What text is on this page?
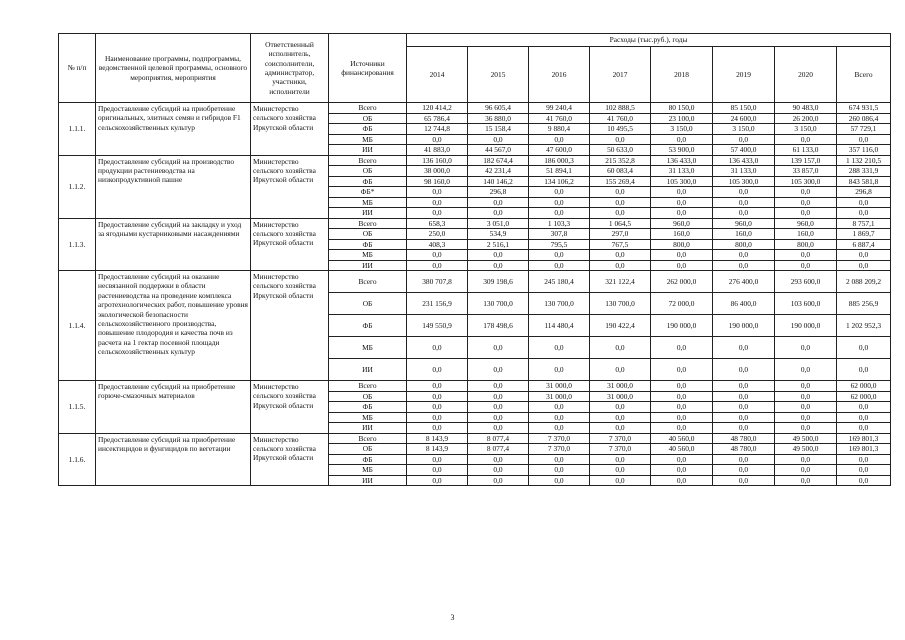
№ п/п	Наименование программы, подпрограммы, ведомственной целевой программы, основного мероприятия, мероприятия	Ответственный исполнитель, соисполнители, администратор, участники, исполнители	Источники финансирования	Расходы (тыс.руб.), годы							
				2014	2015	2016	2017	2018	2019	2020	Всего
1.1.1.	Предоставление субсидий на приобретение оригинальных, элитных семян и гибридов F1 сельскохозяйственных культур	Министерство сельского хозяйства Иркутской области	Всего	120 414,2	96 605,4	99 240,4	102 888,5	80 150,0	85 150,0	90 483,0	674 931,5
			ОБ	65 786,4	36 880,0	41 760,0	41 760,0	23 100,0	24 600,0	26 200,0	260 086,4
			ФБ	12 744,8	15 158,4	9 880,4	10 495,5	3 150,0	3 150,0	3 150,0	57 729,1
			МБ	0,0	0,0	0,0	0,0	0,0	0,0	0,0	0,0
			ИИ	41 883,0	44 567,0	47 600,0	50 633,0	53 900,0	57 400,0	61 133,0	357 116,0
1.1.2.	Предоставление субсидий на производство продукции растениеводства на низкопродуктивной пашне	Министерство сельского хозяйства Иркутской области	Всего	136 160,0	182 674,4	186 000,3	215 352,8	136 433,0	136 433,0	139 157,0	1 132 210,5
			ОБ	38 000,0	42 231,4	51 894,1	60 083,4	31 133,0	31 133,0	33 857,0	288 331,9
			ФБ	98 160,0	140 146,2	134 106,2	155 269,4	105 300,0	105 300,0	105 300,0	843 581,8
			ФБ*	0,0	296,8	0,0	0,0	0,0	0,0	0,0	296,8
			МБ	0,0	0,0	0,0	0,0	0,0	0,0	0,0	0,0
			ИИ	0,0	0,0	0,0	0,0	0,0	0,0	0,0	0,0
1.1.3.	Предоставление субсидий на закладку и уход за ягодными кустарниковыми насаждениями	Министерство сельского хозяйства Иркутской области	Всего	658,3	3 051,0	1 103,3	1 064,5	960,0	960,0	960,0	8 757,1
			ОБ	250,0	534,9	307,8	297,0	160,0	160,0	160,0	1 869,7
			ФБ	408,3	2 516,1	795,5	767,5	800,0	800,0	800,0	6 887,4
			МБ	0,0	0,0	0,0	0,0	0,0	0,0	0,0	0,0
			ИИ	0,0	0,0	0,0	0,0	0,0	0,0	0,0	0,0
1.1.4.	Предоставление субсидий на оказание несвязанной поддержки в области растениеводства на проведение комплекса агротехнологических работ, повышение уровня экологической безопасности сельскохозяйственного производства, повышение плодородия и качества почв из расчета на 1 гектар посевной площади сельскохозяйственных культур	Министерство сельского хозяйства Иркутской области	Всего	380 707,8	309 198,6	245 180,4	321 122,4	262 000,0	276 400,0	293 600,0	2 088 209,2
			ОБ	231 156,9	130 700,0	130 700,0	130 700,0	72 000,0	86 400,0	103 600,0	885 256,9
			ФБ	149 550,9	178 498,6	114 480,4	190 422,4	190 000,0	190 000,0	190 000,0	1 202 952,3
			МБ	0,0	0,0	0,0	0,0	0,0	0,0	0,0	0,0
			ИИ	0,0	0,0	0,0	0,0	0,0	0,0	0,0	0,0
1.1.5.	Предоставление субсидий на приобретение горюче-смазочных материалов	Министерство сельского хозяйства Иркутской области	Всего	0,0	0,0	31 000,0	31 000,0	0,0	0,0	0,0	62 000,0
			ОБ	0,0	0,0	31 000,0	31 000,0	0,0	0,0	0,0	62 000,0
			ФБ	0,0	0,0	0,0	0,0	0,0	0,0	0,0	0,0
			МБ	0,0	0,0	0,0	0,0	0,0	0,0	0,0	0,0
			ИИ	0,0	0,0	0,0	0,0	0,0	0,0	0,0	0,0
1.1.6.	Предоставление субсидий на приобретение инсектицидов и фунгицидов по вегетации	Министерство сельского хозяйства Иркутской области	Всего	8 143,9	8 077,4	7 370,0	7 370,0	40 560,0	48 780,0	49 500,0	169 801,3
			ОБ	8 143,9	8 077,4	7 370,0	7 370,0	40 560,0	48 780,0	49 500,0	169 801,3
			ФБ	0,0	0,0	0,0	0,0	0,0	0,0	0,0	0,0
			МБ	0,0	0,0	0,0	0,0	0,0	0,0	0,0	0,0
			ИИ	0,0	0,0	0,0	0,0	0,0	0,0	0,0	0,0
3
